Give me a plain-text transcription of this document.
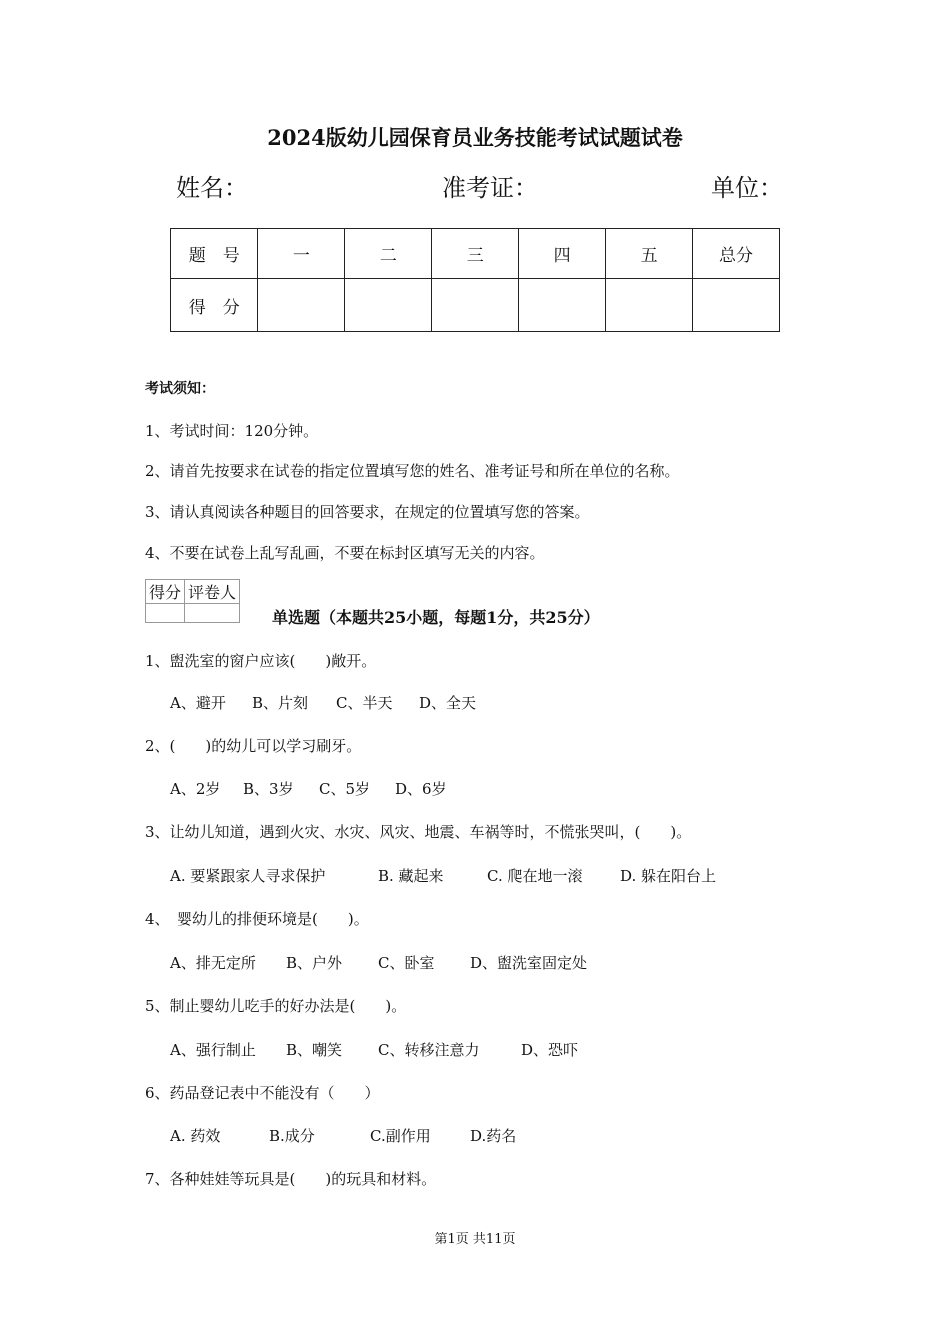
2024版幼儿园保育员业务技能考试试题试卷
姓名：	准考证：	单位：
题　号	一	二	三	四	五	总分
得　分						
考试须知：
1、考试时间：120分钟。
2、请首先按要求在试卷的指定位置填写您的姓名、准考证号和所在单位的名称。
3、请认真阅读各种题目的回答要求，在规定的位置填写您的答案。
4、不要在试卷上乱写乱画，不要在标封区填写无关的内容。
得分	评卷人

单选题（本题共25小题，每题1分，共25分）
1、盥洗室的窗户应该(　　)敞开。
A、避开 B、片刻 C、半天 D、全天
2、(　　)的幼儿可以学习刷牙。
A、2岁 B、3岁 C、5岁 D、6岁
3、让幼儿知道，遇到火灾、水灾、风灾、地震、车祸等时，不慌张哭叫，(　　)。
A. 要紧跟家人寻求保护	B. 藏起来	C. 爬在地一滚	D. 躲在阳台上
4、　婴幼儿的排便环境是(　　)。
A、排无定所 B、户外 C、卧室 D、盥洗室固定处
5、制止婴幼儿吃手的好办法是(　　)。
A、强行制止 B、嘲笑 C、转移注意力	D、恐吓
6、药品登记表中不能没有（　　）
A. 药效	B.成分	C.副作用	D.药名
7、各种娃娃等玩具是(　　)的玩具和材料。
第1页 共11页
